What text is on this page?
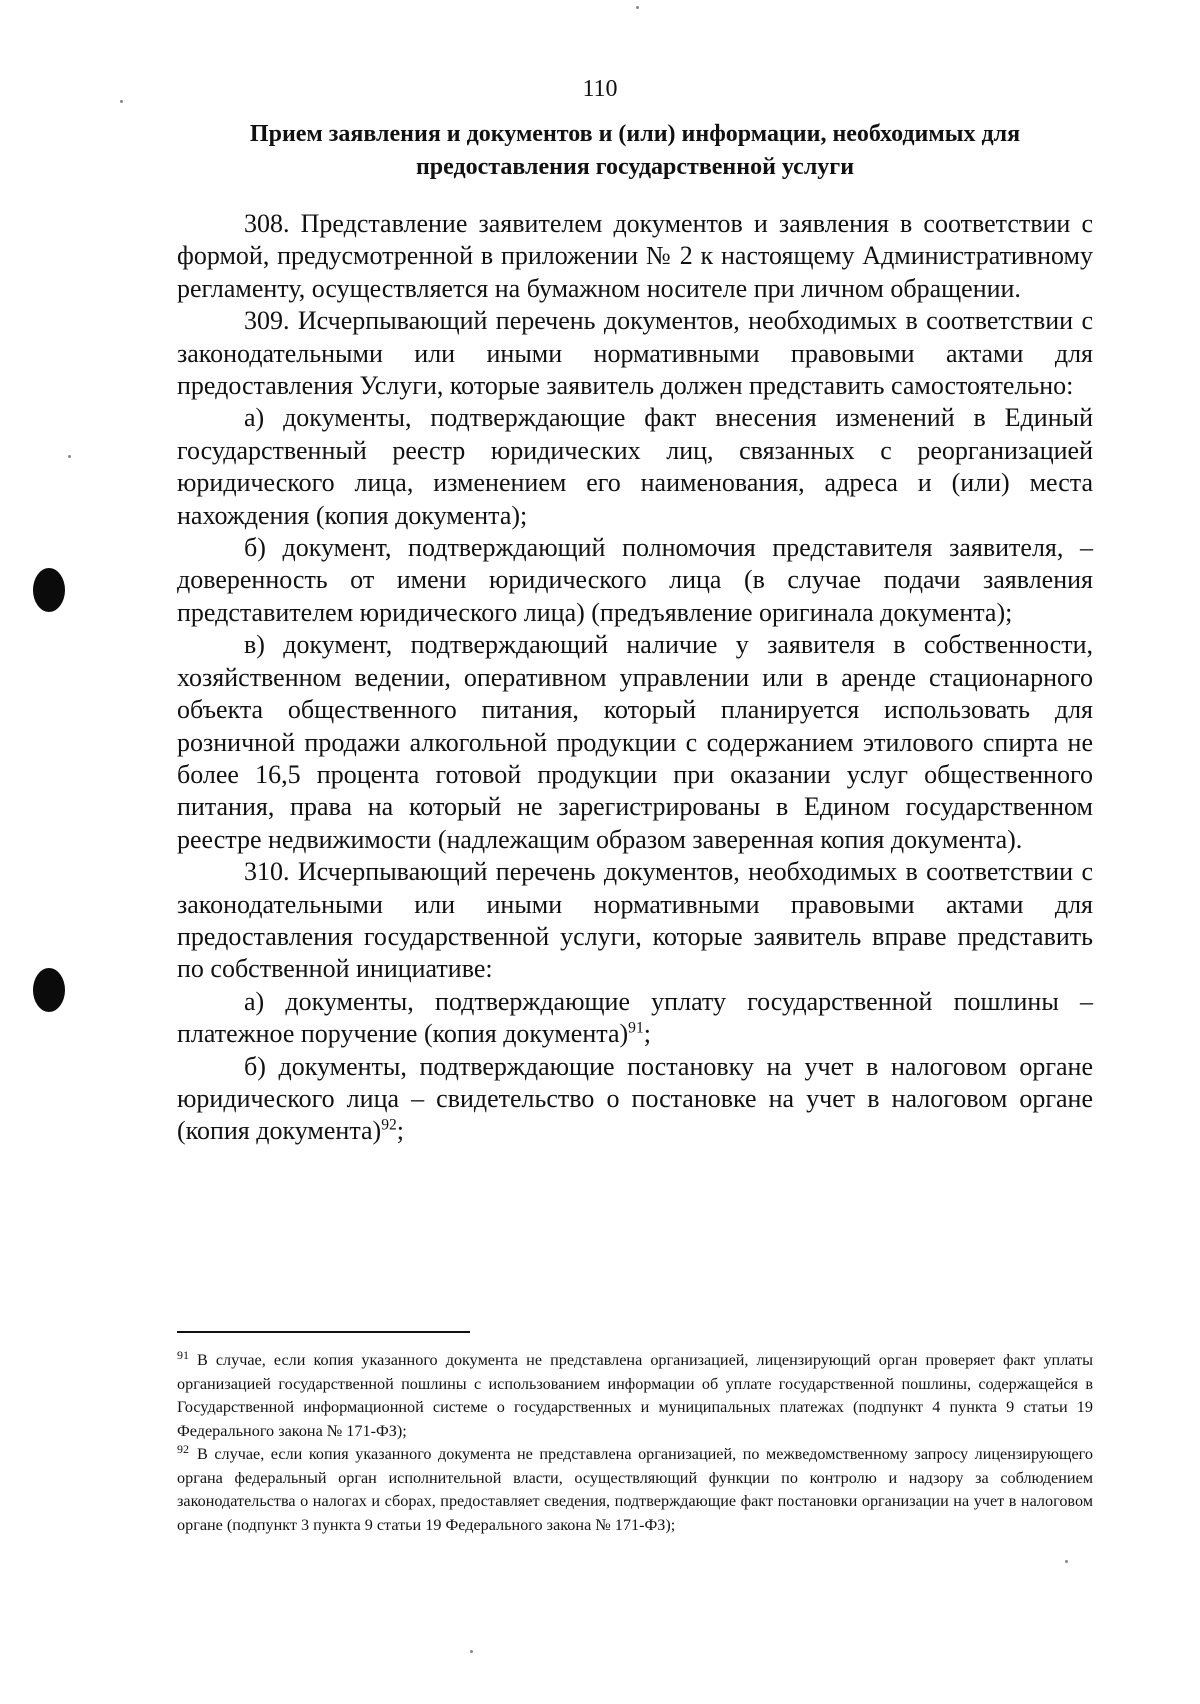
110
Прием заявления и документов и (или) информации, необходимых для предоставления государственной услуги

308. Представление заявителем документов и заявления в соответствии с формой, предусмотренной в приложении № 2 к настоящему Административному регламенту, осуществляется на бумажном носителе при личном обращении.

309. Исчерпывающий перечень документов, необходимых в соответствии с законодательными или иными нормативными правовыми актами для предоставления Услуги, которые заявитель должен представить самостоятельно:

а) документы, подтверждающие факт внесения изменений в Единый государственный реестр юридических лиц, связанных с реорганизацией юридического лица, изменением его наименования, адреса и (или) места нахождения (копия документа);

б) документ, подтверждающий полномочия представителя заявителя, – доверенность от имени юридического лица (в случае подачи заявления представителем юридического лица) (предъявление оригинала документа);

в) документ, подтверждающий наличие у заявителя в собственности, хозяйственном ведении, оперативном управлении или в аренде стационарного объекта общественного питания, который планируется использовать для розничной продажи алкогольной продукции с содержанием этилового спирта не более 16,5 процента готовой продукции при оказании услуг общественного питания, права на который не зарегистрированы в Едином государственном реестре недвижимости (надлежащим образом заверенная копия документа).

310. Исчерпывающий перечень документов, необходимых в соответствии с законодательными или иными нормативными правовыми актами для предоставления государственной услуги, которые заявитель вправе представить по собственной инициативе:

а) документы, подтверждающие уплату государственной пошлины – платежное поручение (копия документа)$^{91}$;

б) документы, подтверждающие постановку на учет в налоговом органе юридического лица – свидетельство о постановке на учет в налоговом органе (копия документа)$^{92}$;

$^{91}$ В случае, если копия указанного документа не представлена организацией, лицензирующий орган проверяет факт уплаты организацией государственной пошлины с использованием информации об уплате государственной пошлины, содержащейся в Государственной информационной системе о государственных и муниципальных платежах (подпункт 4 пункта 9 статьи 19 Федерального закона № 171-ФЗ);

$^{92}$ В случае, если копия указанного документа не представлена организацией, по межведомственному запросу лицензирующего органа федеральный орган исполнительной власти, осуществляющий функции по контролю и надзору за соблюдением законодательства о налогах и сборах, предоставляет сведения, подтверждающие факт постановки организации на учет в налоговом органе (подпункт 3 пункта 9 статьи 19 Федерального закона № 171-ФЗ);
